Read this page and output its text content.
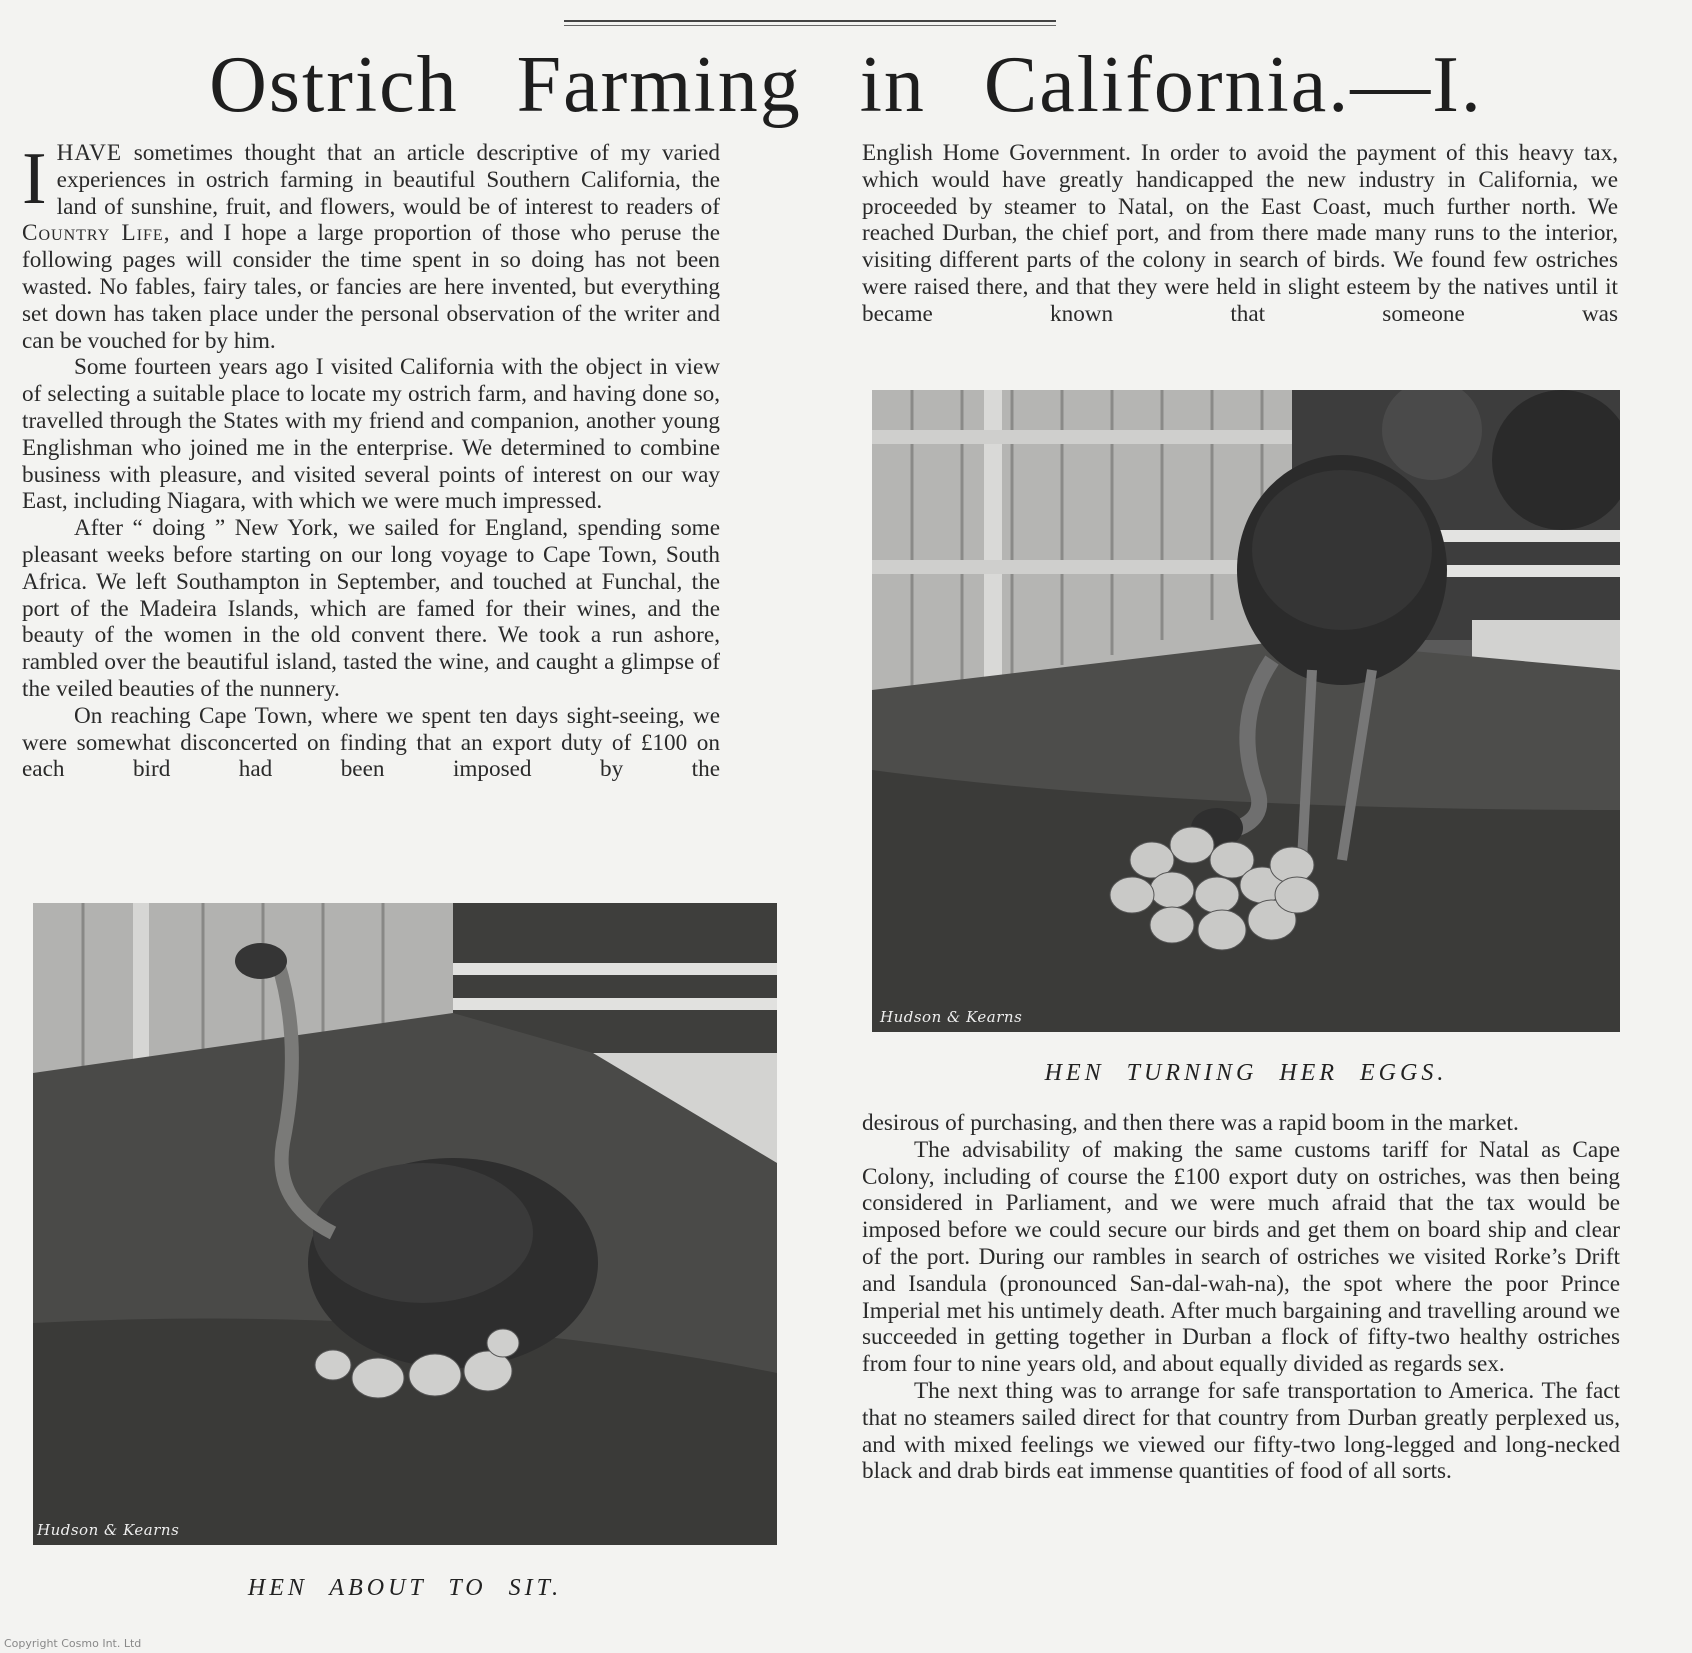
Ostrich Farming in California.—I.

IHAVE sometimes thought that an article descriptive of my varied experiences in ostrich farming in beautiful Southern California, the land of sunshine, fruit, and flowers, would be of interest to readers of Country Life, and I hope a large proportion of those who peruse the following pages will consider the time spent in so doing has not been wasted. No fables, fairy tales, or fancies are here invented, but everything set down has taken place under the personal observation of the writer and can be vouched for by him.

Some fourteen years ago I visited California with the object in view of selecting a suitable place to locate my ostrich farm, and having done so, travelled through the States with my friend and companion, another young Englishman who joined me in the enterprise. We determined to combine business with pleasure, and visited several points of interest on our way East, including Niagara, with which we were much impressed.

After “ doing ” New York, we sailed for England, spending some pleasant weeks before starting on our long voyage to Cape Town, South Africa. We left Southampton in September, and touched at Funchal, the port of the Madeira Islands, which are famed for their wines, and the beauty of the women in the old convent there. We took a run ashore, rambled over the beautiful island, tasted the wine, and caught a glimpse of the veiled beauties of the nunnery.

On reaching Cape Town, where we spent ten days sight-seeing, we were somewhat disconcerted on finding that an export duty of £100 on each bird had been imposed by the

English Home Government. In order to avoid the payment of this heavy tax, which would have greatly handicapped the new industry in California, we proceeded by steamer to Natal, on the East Coast, much further north. We reached Durban, the chief port, and from there made many runs to the interior, visiting different parts of the colony in search of birds. We found few ostriches were raised there, and that they were held in slight esteem by the natives until it became known that someone was

Hudson & Kearns
HEN TURNING HER EGGS.

desirous of purchasing, and then there was a rapid boom in the market.

The advisability of making the same customs tariff for Natal as Cape Colony, including of course the £100 export duty on ostriches, was then being considered in Parliament, and we were much afraid that the tax would be imposed before we could secure our birds and get them on board ship and clear of the port. During our rambles in search of ostriches we visited Rorke’s Drift and Isandula (pronounced San-dal-wah-na), the spot where the poor Prince Imperial met his untimely death. After much bargaining and travelling around we succeeded in getting together in Durban a flock of fifty-two healthy ostriches from four to nine years old, and about equally divided as regards sex.

The next thing was to arrange for safe transportation to America. The fact that no steamers sailed direct for that country from Durban greatly perplexed us, and with mixed feelings we viewed our fifty-two long-legged and long-necked black and drab birds eat immense quantities of food of all sorts.

Hudson & Kearns
HEN ABOUT TO SIT.
Copyright Cosmo Int. Ltd
